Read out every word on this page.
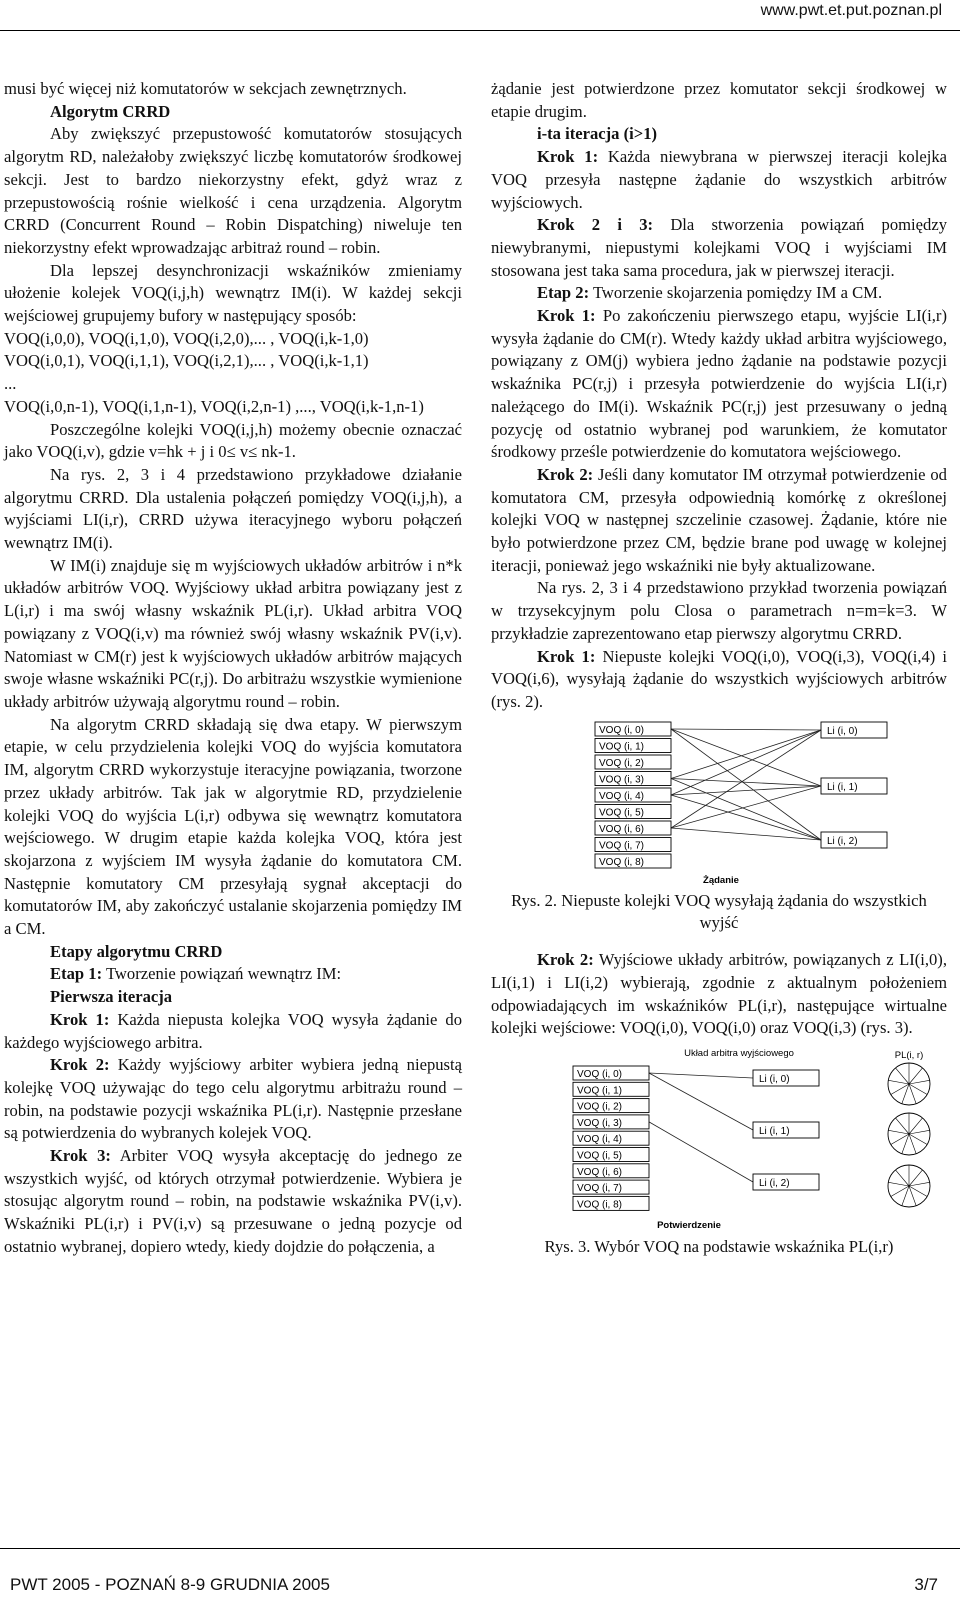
www.pwt.et.put.poznan.pl

musi być więcej niż komutatorów w sekcjach zewnętrznych.

Algorytm CRRD

Aby zwiększyć przepustowość komutatorów stosujących algorytm RD, należałoby zwiększyć liczbę komutatorów środkowej sekcji. Jest to bardzo niekorzystny efekt, gdyż wraz z przepustowością rośnie wielkość i cena urządzenia. Algorytm CRRD (Concurrent Round – Robin Dispatching) niweluje ten niekorzystny efekt wprowadzając arbitraż round – robin.

Dla lepszej desynchronizacji wskaźników zmieniamy ułożenie kolejek VOQ(i,j,h) wewnątrz IM(i). W każdej sekcji wejściowej grupujemy bufory w następujący sposób:

VOQ(i,0,0), VOQ(i,1,0), VOQ(i,2,0),... , VOQ(i,k-1,0)

VOQ(i,0,1), VOQ(i,1,1), VOQ(i,2,1),... , VOQ(i,k-1,1)

...

VOQ(i,0,n-1), VOQ(i,1,n-1), VOQ(i,2,n-1) ,..., VOQ(i,k-1,n-1)

Poszczególne kolejki VOQ(i,j,h) możemy obecnie oznaczać jako VOQ(i,v), gdzie v=hk + j i 0≤ v≤ nk-1.

Na rys. 2, 3 i 4 przedstawiono przykładowe działanie algorytmu CRRD. Dla ustalenia połączeń pomiędzy VOQ(i,j,h), a wyjściami LI(i,r), CRRD używa iteracyjnego wyboru połączeń wewnątrz IM(i).

W IM(i) znajduje się m wyjściowych układów arbitrów i n*k układów arbitrów VOQ. Wyjściowy układ arbitra powiązany jest z L(i,r) i ma swój własny wskaźnik PL(i,r). Układ arbitra VOQ powiązany z VOQ(i,v) ma również swój własny wskaźnik PV(i,v). Natomiast w CM(r) jest k wyjściowych układów arbitrów mających swoje własne wskaźniki PC(r,j). Do arbitrażu wszystkie wymienione układy arbitrów używają algorytmu round – robin.

Na algorytm CRRD składają się dwa etapy. W pierwszym etapie, w celu przydzielenia kolejki VOQ do wyjścia komutatora IM, algorytm CRRD wykorzystuje iteracyjne powiązania, tworzone przez układy arbitrów. Tak jak w algorytmie RD, przydzielenie kolejki VOQ do wyjścia L(i,r) odbywa się wewnątrz komutatora wejściowego. W drugim etapie każda kolejka VOQ, która jest skojarzona z wyjściem IM wysyła żądanie do komutatora CM. Następnie komutatory CM przesyłają sygnał akceptacji do komutatorów IM, aby zakończyć ustalanie skojarzenia pomiędzy IM a CM.

Etapy algorytmu CRRD

Etap 1: Tworzenie powiązań wewnątrz IM:

Pierwsza iteracja

Krok 1: Każda niepusta kolejka VOQ wysyła żądanie do każdego wyjściowego arbitra.

Krok 2: Każdy wyjściowy arbiter wybiera jedną niepustą kolejkę VOQ używając do tego celu algorytmu arbitrażu round – robin, na podstawie pozycji wskaźnika PL(i,r). Następnie przesłane są potwierdzenia do wybranych kolejek VOQ.

Krok 3: Arbiter VOQ wysyła akceptację do jednego ze wszystkich wyjść, od których otrzymał potwierdzenie. Wybiera je stosując algorytm round – robin, na podstawie wskaźnika PV(i,v). Wskaźniki PL(i,r) i PV(i,v) są przesuwane o jedną pozycje od ostatnio wybranej, dopiero wtedy, kiedy dojdzie do połączenia, a

żądanie jest potwierdzone przez komutator sekcji środkowej w etapie drugim.

i-ta iteracja (i>1)

Krok 1: Każda niewybrana w pierwszej iteracji kolejka VOQ przesyła następne żądanie do wszystkich arbitrów wyjściowych.

Krok 2 i 3: Dla stworzenia powiązań pomiędzy niewybranymi, niepustymi kolejkami VOQ i wyjściami IM stosowana jest taka sama procedura, jak w pierwszej iteracji.

Etap 2: Tworzenie skojarzenia pomiędzy IM a CM.

Krok 1: Po zakończeniu pierwszego etapu, wyjście LI(i,r) wysyła żądanie do CM(r). Wtedy każdy układ arbitra wyjściowego, powiązany z OM(j) wybiera jedno żądanie na podstawie pozycji wskaźnika PC(r,j) i przesyła potwierdzenie do wyjścia LI(i,r) należącego do IM(i). Wskaźnik PC(r,j) jest przesuwany o jedną pozycję od ostatnio wybranej pod warunkiem, że komutator środkowy prześle potwierdzenie do komutatora wejściowego.

Krok 2: Jeśli dany komutator IM otrzymał potwierdzenie od komutatora CM, przesyła odpowiednią komórkę z określonej kolejki VOQ w następnej szczelinie czasowej. Żądanie, które nie było potwierdzone przez CM, będzie brane pod uwagę w kolejnej iteracji, ponieważ jego wskaźniki nie były aktualizowane.

Na rys. 2, 3 i 4 przedstawiono przykład tworzenia powiązań w trzysekcyjnym polu Closa o parametrach n=m=k=3. W przykładzie zaprezentowano etap pierwszy algorytmu CRRD.

Krok 1: Niepuste kolejki VOQ(i,0), VOQ(i,3), VOQ(i,4) i VOQ(i,6), wysyłają żądanie do wszystkich wyjściowych arbitrów (rys. 2).

VOQ (i, 0)
VOQ (i, 1)
VOQ (i, 2)
VOQ (i, 3)
VOQ (i, 4)
VOQ (i, 5)
VOQ (i, 6)
VOQ (i, 7)
VOQ (i, 8)
Li (i, 0)
Li (i, 1)
Li (i, 2)
Żądanie

Rys. 2. Niepuste kolejki VOQ wysyłają żądania do wszystkich wyjść

Krok 2: Wyjściowe układy arbitrów, powiązanych z LI(i,0), LI(i,1) i LI(i,2) wybierają, zgodnie z aktualnym położeniem odpowiadających im wskaźników PL(i,r), następujące wirtualne kolejki wejściowe: VOQ(i,0), VOQ(i,0) oraz VOQ(i,3) (rys. 3).

Układ arbitra wyjściowego
VOQ (i, 0)
VOQ (i, 1)
VOQ (i, 2)
VOQ (i, 3)
VOQ (i, 4)
VOQ (i, 5)
VOQ (i, 6)
VOQ (i, 7)
VOQ (i, 8)
Li (i, 0)
Li (i, 1)
Li (i, 2)
PL(i, r)
Potwierdzenie

Rys. 3. Wybór VOQ na podstawie wskaźnika PL(i,r)

PWT 2005 - POZNAŃ 8-9 GRUDNIA 2005	3/7
